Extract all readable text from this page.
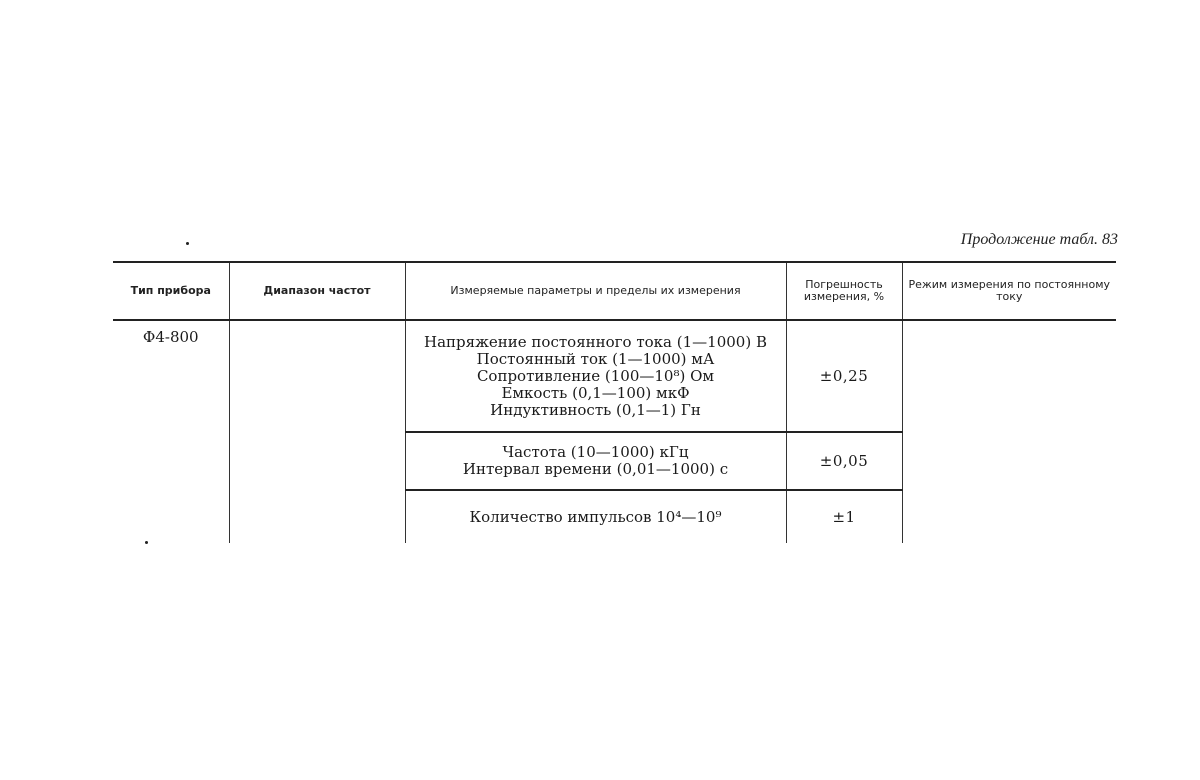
Продолжение табл. 83
Тип прибора	Диапазон частот	Измеряемые параметры и пределы их измерения	Погрешность измерения, %	Режим измерения по постоянному току
Ф4-800		Напряжение постоянного тока (1—1000) В
Постоянный ток (1—1000) мА
Сопротивление (100—10⁸) Ом
Емкость (0,1—100) мкФ
Индуктивность (0,1—1) Гн	±0,25	

		Частота (10—1000) кГц
Интервал времени (0,01—1000) с	±0,05	

		Количество импульсов 10⁴—10⁹	±1	
